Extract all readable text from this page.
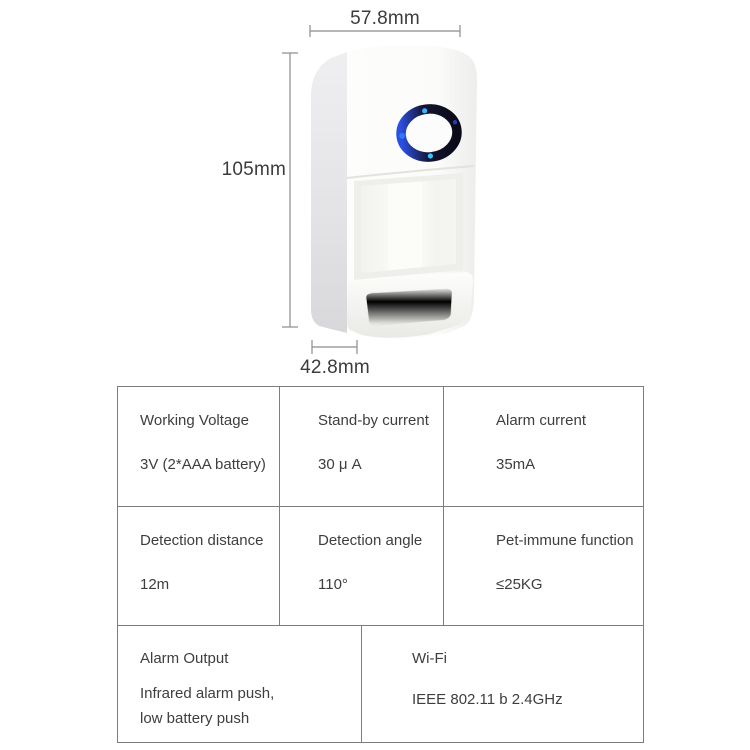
57.8mm
105mm
42.8mm
Working Voltage
3V (2*AAA battery)
Stand-by current
30 μ A
Alarm current
35mA
Detection distance
12m
Detection angle
110°
Pet-immune function
≤25KG
Alarm Output
Infrared alarm push,
low battery push
Wi-Fi
IEEE 802.11 b 2.4GHz
